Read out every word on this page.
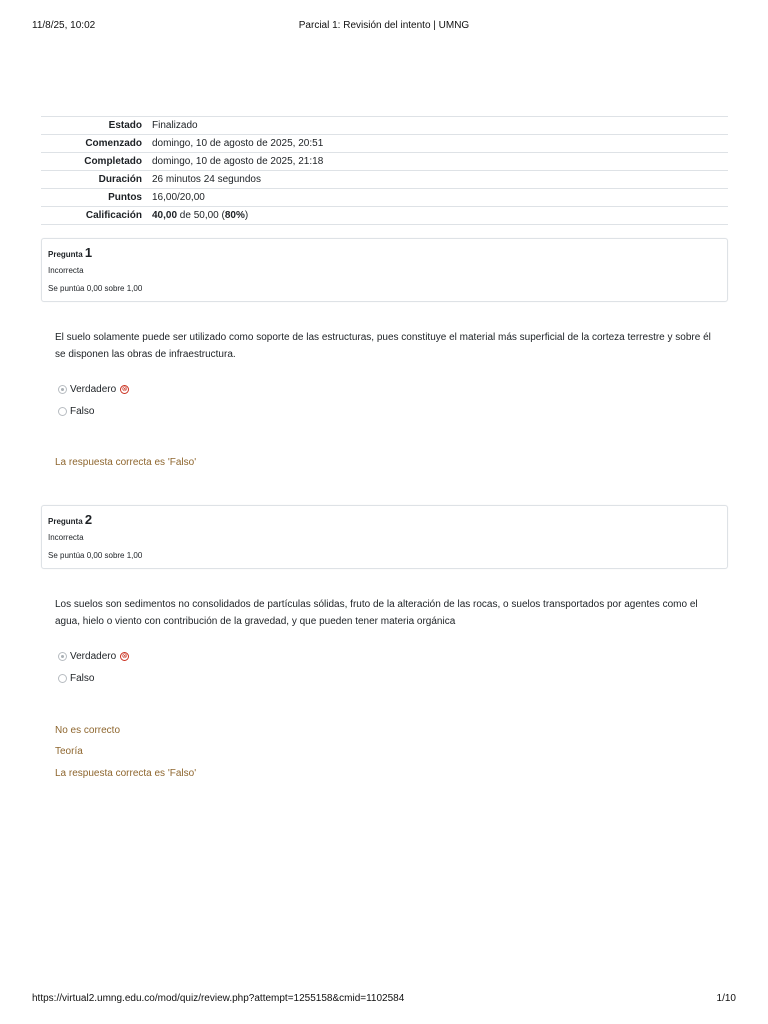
11/8/25, 10:02	Parcial 1: Revisión del intento | UMNG
Estado	Finalizado
Comenzado	domingo, 10 de agosto de 2025, 20:51
Completado	domingo, 10 de agosto de 2025, 21:18
Duración	26 minutos 24 segundos
Puntos	16,00/20,00
Calificación	40,00 de 50,00 (80%)
Pregunta 1
Incorrecta
Se puntúa 0,00 sobre 1,00
El suelo solamente puede ser utilizado como soporte de las estructuras, pues constituye el material más superficial de la corteza terrestre y sobre él se disponen las obras de infraestructura.
Verdadero ⊗
Falso
La respuesta correcta es 'Falso'
Pregunta 2
Incorrecta
Se puntúa 0,00 sobre 1,00
Los suelos son sedimentos no consolidados de partículas sólidas, fruto de la alteración de las rocas, o suelos transportados por agentes como el agua, hielo o viento con contribución de la gravedad, y que pueden tener materia orgánica
Verdadero ⊗
Falso
No es correcto
Teoría
La respuesta correcta es 'Falso'
https://virtual2.umng.edu.co/mod/quiz/review.php?attempt=1255158&cmid=1102584	1/10
